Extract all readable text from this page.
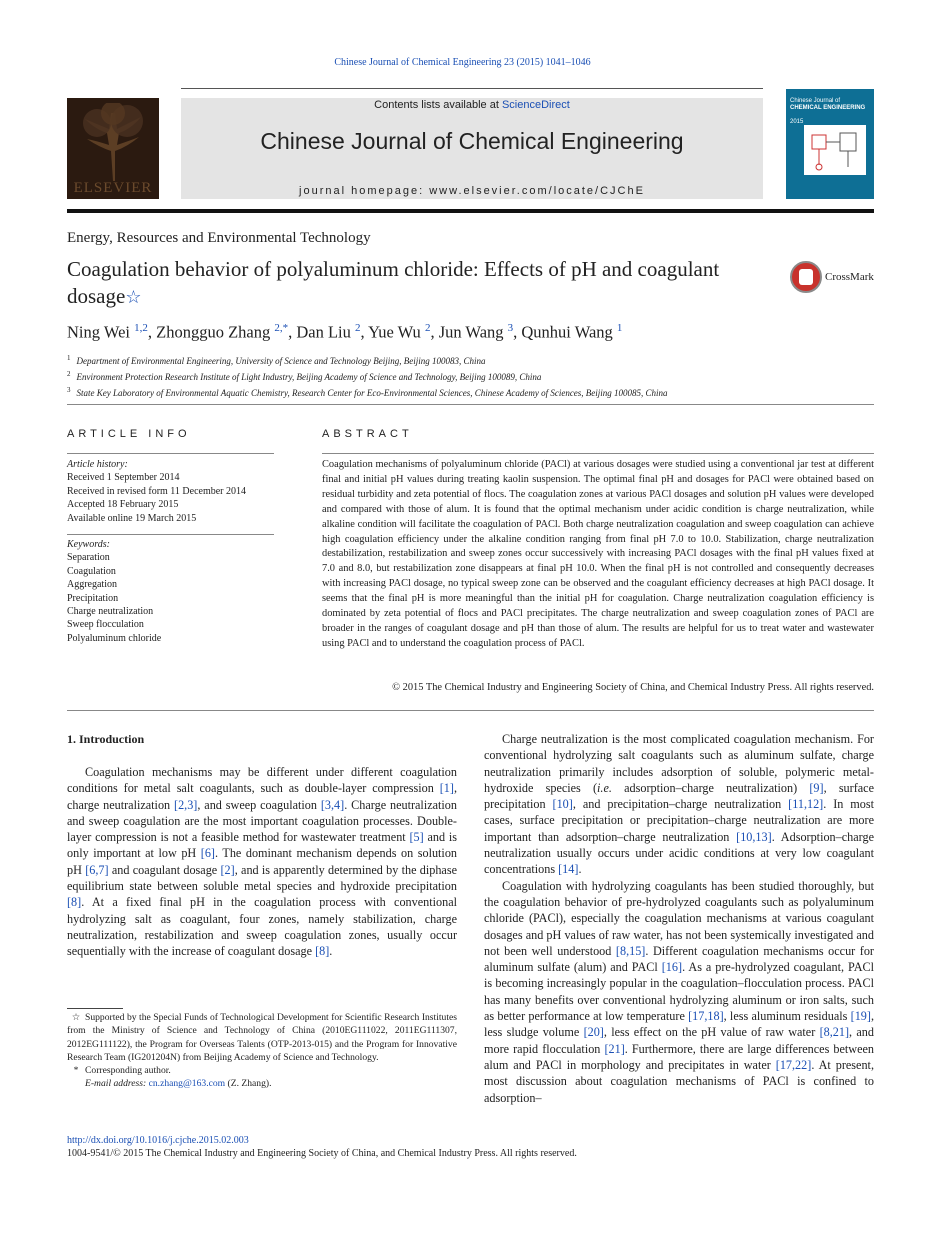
Chinese Journal of Chemical Engineering 23 (2015) 1041–1046
ELSEVIER
Contents lists available at ScienceDirect
Chinese Journal of Chemical Engineering
journal homepage: www.elsevier.com/locate/CJChE
Chinese Journal of
CHEMICAL ENGINEERING
2015
Energy, Resources and Environmental Technology
Coagulation behavior of polyaluminum chloride: Effects of pH and coagulant dosage☆
CrossMark
Ning Wei $^{1,2}$, Zhongguo Zhang $^{2,*}$, Dan Liu $^2$, Yue Wu $^2$, Jun Wang $^3$, Qunhui Wang $^1$
$^1$ Department of Environmental Engineering, University of Science and Technology Beijing, Beijing 100083, China
$^2$ Environment Protection Research Institute of Light Industry, Beijing Academy of Science and Technology, Beijing 100089, China
$^3$ State Key Laboratory of Environmental Aquatic Chemistry, Research Center for Eco-Environmental Sciences, Chinese Academy of Sciences, Beijing 100085, China
ARTICLE INFO
Article history:
Received 1 September 2014
Received in revised form 11 December 2014
Accepted 18 February 2015
Available online 19 March 2015
Keywords:
Separation
Coagulation
Aggregation
Precipitation
Charge neutralization
Sweep flocculation
Polyaluminum chloride
ABSTRACT
Coagulation mechanisms of polyaluminum chloride (PACl) at various dosages were studied using a conventional jar test at different final and initial pH values during treating kaolin suspension. The optimal final pH and dosages for PACl were obtained based on residual turbidity and zeta potential of flocs. The coagulation zones at various PACl dosages and solution pH values were developed and compared with those of alum. It is found that the optimal mechanism under acidic condition is charge neutralization, while alkaline condition will facilitate the coagulation of PACl. Both charge neutralization coagulation and sweep coagulation can achieve high coagulation efficiency under the alkaline condition ranging from final pH 7.0 to 10.0. Stabilization, charge neutralization destabilization, restabilization and sweep zones occur successively with increasing PACl dosages with the final pH values fixed at 7.0 and 8.0, but restabilization zone disappears at final pH 10.0. When the final pH is not controlled and consequently decreases with increasing PACl dosage, no typical sweep zone can be observed and the coagulant efficiency decreases at high PACl dosage. It seems that the final pH is more meaningful than the initial pH for coagulation. Charge neutralization coagulation efficiency is dominated by zeta potential of flocs and PACl precipitates. The charge neutralization and sweep coagulation zones of PACl are broader in the ranges of coagulant dosage and pH than those of alum. The results are helpful for us to treat water and wastewater using PACl and to understand the coagulation process of PACl.
© 2015 The Chemical Industry and Engineering Society of China, and Chemical Industry Press. All rights reserved.
1. Introduction

Coagulation mechanisms may be different under different coagulation conditions for metal salt coagulants, such as double-layer compression [1], charge neutralization [2,3], and sweep coagulation [3,4]. Charge neutralization and sweep coagulation are the most important coagulation processes. Double-layer compression is not a feasible method for wastewater treatment [5] and is only important at low pH [6]. The dominant mechanism depends on solution pH [6,7] and coagulant dosage [2], and is apparently determined by the diphase equilibrium state between soluble metal species and hydroxide precipitation [8]. At a fixed final pH in the coagulation process with conventional hydrolyzing salt as coagulant, four zones, namely stabilization, charge neutralization, restabilization and sweep coagulation zones, usually occur sequentially with the increase of coagulant dosage [8].

Charge neutralization is the most complicated coagulation mechanism. For conventional hydrolyzing salt coagulants such as aluminum sulfate, charge neutralization primarily includes adsorption of soluble, polymeric metal-hydroxide species (i.e. adsorption–charge neutralization) [9], surface precipitation [10], and precipitation–charge neutralization [11,12]. In most cases, surface precipitation or precipitation–charge neutralization are more important than adsorption–charge neutralization [10,13]. Adsorption–charge neutralization usually occurs under acidic conditions at very low coagulant concentrations [14].

Coagulation with hydrolyzing coagulants has been studied thoroughly, but the coagulation behavior of pre-hydrolyzed coagulants such as polyaluminum chloride (PACl), especially the coagulation mechanisms at various coagulant dosages and pH values of raw water, has not been systemically investigated and not been well understood [8,15]. Different coagulation mechanisms occur for aluminum sulfate (alum) and PACl [16]. As a pre-hydrolyzed coagulant, PACl is becoming increasingly popular in the coagulation–flocculation process. PACl has many benefits over conventional hydrolyzing aluminum or iron salts, such as better performance at low temperature [17,18], less aluminum residuals [19], less sludge volume [20], less effect on the pH value of raw water [8,21], and more rapid flocculation [21]. Furthermore, there are large differences between alum and PACl in morphology and precipitates in water [17,22]. At present, most discussion about coagulation mechanisms of PACl is confined to adsorption–

☆ Supported by the Special Funds of Technological Development for Scientific Research Institutes from the Ministry of Science and Technology of China (2010EG111022, 2011EG111307, 2012EG111122), the Program for Overseas Talents (OTP-2013-015) and the Program for Innovative Research Team (IG201204N) from Beijing Academy of Science and Technology.

* Corresponding author.

E-mail address: cn.zhang@163.com (Z. Zhang).

http://dx.doi.org/10.1016/j.cjche.2015.02.003
1004-9541/© 2015 The Chemical Industry and Engineering Society of China, and Chemical Industry Press. All rights reserved.
